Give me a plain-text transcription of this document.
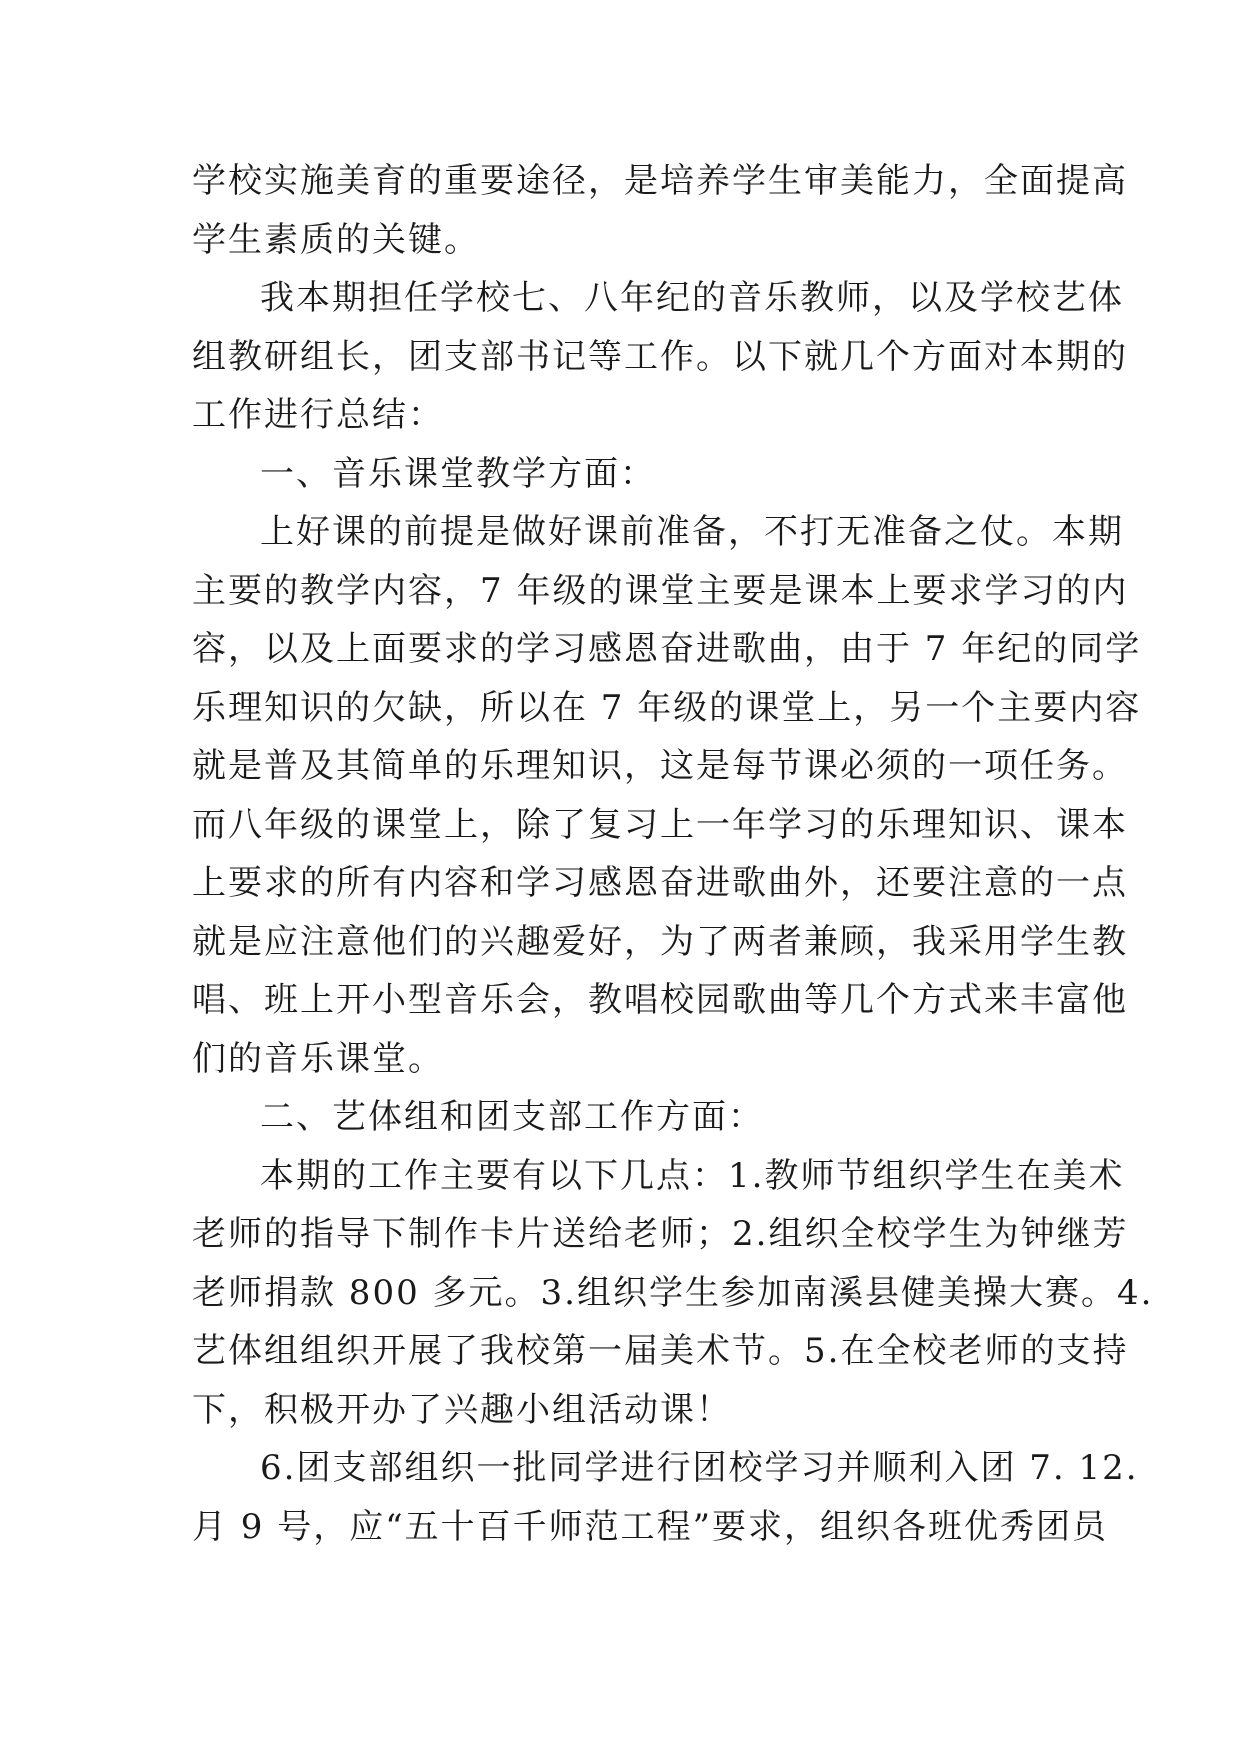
学校实施美育的重要途径，是培养学生审美能力，全面提高
学生素质的关键。
我本期担任学校七、八年纪的音乐教师，以及学校艺体
组教研组长，团支部书记等工作。以下就几个方面对本期的
工作进行总结：
一、音乐课堂教学方面：
上好课的前提是做好课前准备，不打无准备之仗。本期
主要的教学内容，7 年级的课堂主要是课本上要求学习的内
容，以及上面要求的学习感恩奋进歌曲，由于 7 年纪的同学
乐理知识的欠缺，所以在 7 年级的课堂上，另一个主要内容
就是普及其简单的乐理知识，这是每节课必须的一项任务。
而八年级的课堂上，除了复习上一年学习的乐理知识、课本
上要求的所有内容和学习感恩奋进歌曲外，还要注意的一点
就是应注意他们的兴趣爱好，为了两者兼顾，我采用学生教
唱、班上开小型音乐会，教唱校园歌曲等几个方式来丰富他
们的音乐课堂。
二、艺体组和团支部工作方面：
本期的工作主要有以下几点：1.教师节组织学生在美术
老师的指导下制作卡片送给老师；2.组织全校学生为钟继芳
老师捐款 800 多元。3.组织学生参加南溪县健美操大赛。4.
艺体组组织开展了我校第一届美术节。5.在全校老师的支持
下，积极开办了兴趣小组活动课！
6.团支部组织一批同学进行团校学习并顺利入团 7. 12.
月 9 号，应“五十百千师范工程”要求，组织各班优秀团员
